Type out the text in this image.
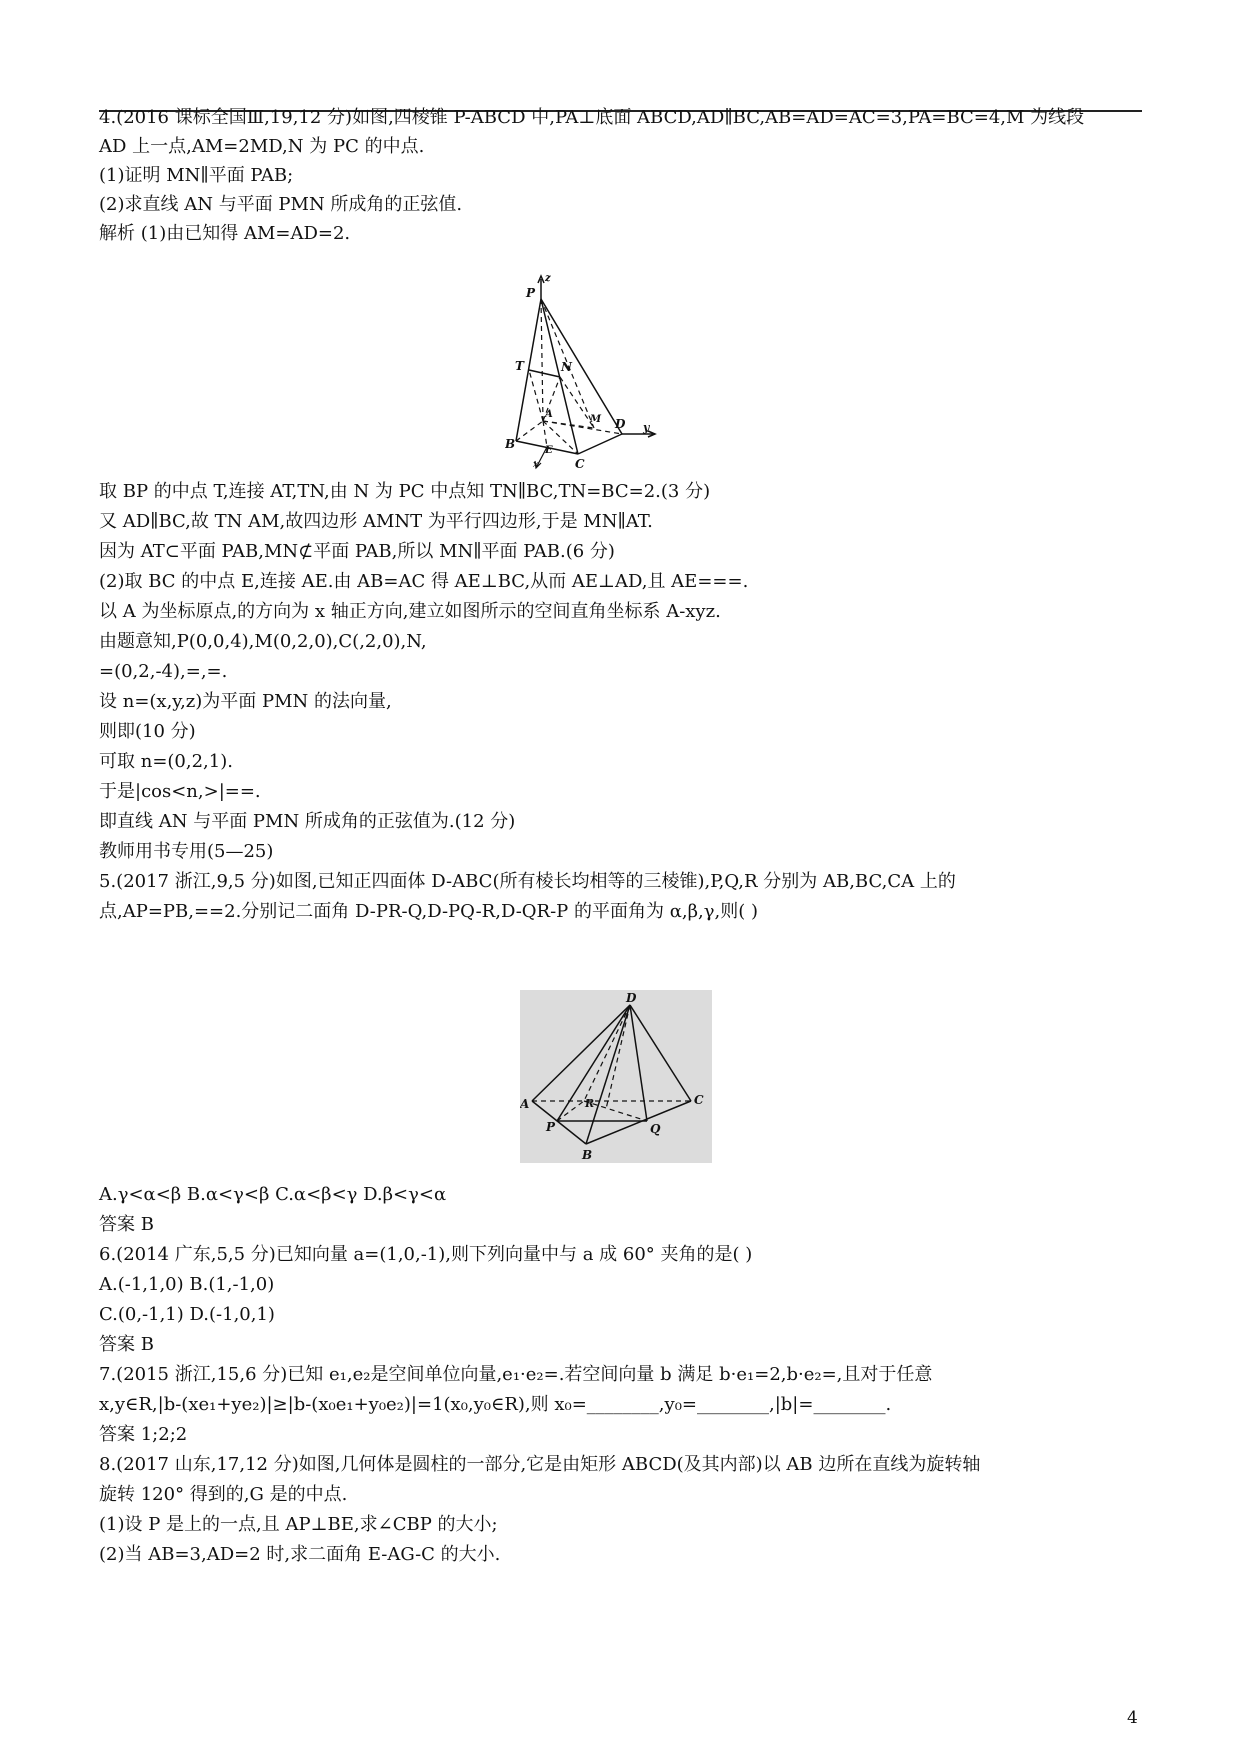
4.(2016 课标全国Ⅲ,19,12 分)如图,四棱锥 P-ABCD 中,PA⊥底面 ABCD,AD∥BC,AB=AD=AC=3,PA=BC=4,M 为线段
AD 上一点,AM=2MD,N 为 PC 的中点.
(1)证明 MN∥平面 PAB;
(2)求直线 AN 与平面 PMN 所成角的正弦值.
解析 (1)由已知得 AM=AD=2.
z
P
T	N
A	M D y
B	E
x	C
取 BP 的中点 T,连接 AT,TN,由 N 为 PC 中点知 TN∥BC,TN=BC=2.(3 分)
又 AD∥BC,故 TN AM,故四边形 AMNT 为平行四边形,于是 MN∥AT.
因为 AT⊂平面 PAB,MN⊄平面 PAB,所以 MN∥平面 PAB.(6 分)
(2)取 BC 的中点 E,连接 AE.由 AB=AC 得 AE⊥BC,从而 AE⊥AD,且 AE===.
以 A 为坐标原点,的方向为 x 轴正方向,建立如图所示的空间直角坐标系 A-xyz.
由题意知,P(0,0,4),M(0,2,0),C(,2,0),N,
=(0,2,-4),=,=.
设 n=(x,y,z)为平面 PMN 的法向量,
则即(10 分)
可取 n=(0,2,1).
于是|cos<n,>|==.
即直线 AN 与平面 PMN 所成角的正弦值为.(12 分)
教师用书专用(5—25)
5.(2017 浙江,9,5 分)如图,已知正四面体 D-ABC(所有棱长均相等的三棱锥),P,Q,R 分别为 AB,BC,CA 上的
点,AP=PB,==2.分别记二面角 D-PR-Q,D-PQ-R,D-QR-P 的平面角为 α,β,γ,则( )
D
A	R	C
P	Q
B
A.γ<α<β B.α<γ<β C.α<β<γ D.β<γ<α
答案 B
6.(2014 广东,5,5 分)已知向量 a=(1,0,-1),则下列向量中与 a 成 60° 夹角的是( )
A.(-1,1,0) B.(1,-1,0)
C.(0,-1,1) D.(-1,0,1)
答案 B
7.(2015 浙江,15,6 分)已知 e₁,e₂是空间单位向量,e₁·e₂=.若空间向量 b 满足 b·e₁=2,b·e₂=,且对于任意
x,y∈R,|b-(xe₁+ye₂)|≥|b-(x₀e₁+y₀e₂)|=1(x₀,y₀∈R),则 x₀=________,y₀=________,|b|=________.
答案 1;2;2
8.(2017 山东,17,12 分)如图,几何体是圆柱的一部分,它是由矩形 ABCD(及其内部)以 AB 边所在直线为旋转轴
旋转 120° 得到的,G 是的中点.
(1)设 P 是上的一点,且 AP⊥BE,求∠CBP 的大小;
(2)当 AB=3,AD=2 时,求二面角 E-AG-C 的大小.
4
